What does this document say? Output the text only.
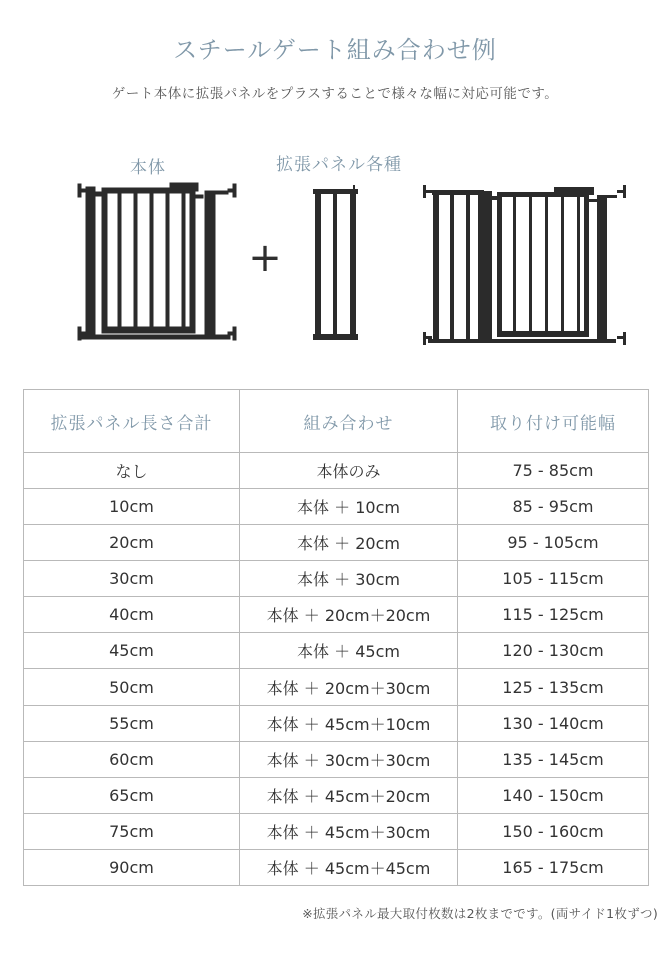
スチールゲート組み合わせ例
ゲート本体に拡張パネルをプラスすることで様々な幅に対応可能です。
本体	拡張パネル各種
+
拡張パネル長さ合計	組み合わせ	取り付け可能幅
なし	本体のみ	75 - 85cm
10cm	本体 ＋ 10cm	85 - 95cm
20cm	本体 ＋ 20cm	95 - 105cm
30cm	本体 ＋ 30cm	105 - 115cm
40cm	本体 ＋ 20cm＋20cm	115 - 125cm
45cm	本体 ＋ 45cm	120 - 130cm
50cm	本体 ＋ 20cm＋30cm	125 - 135cm
55cm	本体 ＋ 45cm＋10cm	130 - 140cm
60cm	本体 ＋ 30cm＋30cm	135 - 145cm
65cm	本体 ＋ 45cm＋20cm	140 - 150cm
75cm	本体 ＋ 45cm＋30cm	150 - 160cm
90cm	本体 ＋ 45cm＋45cm	165 - 175cm
※拡張パネル最大取付枚数は2枚までです。(両サイド1枚ずつ)
